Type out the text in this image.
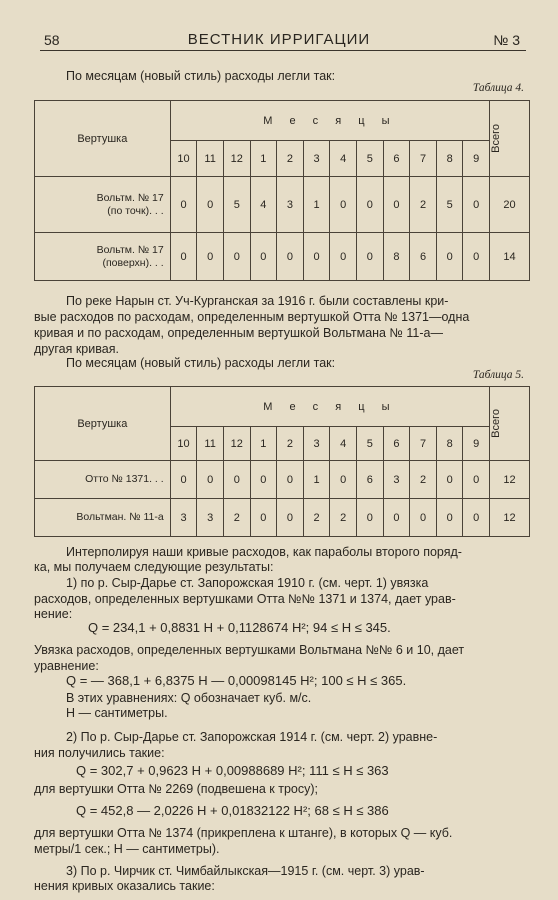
58	ВЕСТНИК ИРРИГАЦИИ	№ 3
По месяцам (новый стиль) расходы легли так:
Таблица 4.
Вертушка	М е с я ц ы												Всего

	10	11	12	1	2	3	4	5	6	7	8	9	
Вольтм. № 17
(по точк). . .	0	0	5	4	3	1	0	0	0	2	5	0	20
Вольтм. № 17
(поверхн). . .	0	0	0	0	0	0	0	0	8	6	0	0	14
По реке Нарын ст. Уч-Курганская за 1916 г. были составлены кри-
вые расходов по расходам, определенным вертушкой Отта № 1371—одна
кривая и по расходам, определенным вертушкой Вольтмана № 11-а—
другая кривая.
По месяцам (новый стиль) расходы легли так:
Таблица 5.
Вертушка	М е с я ц ы												Всего

	10	11	12	1	2	3	4	5	6	7	8	9	
Отто № 1371. . .	0	0	0	0	0	1	0	6	3	2	0	0	12
Вольтман. № 11-а	3	3	2	0	0	2	2	0	0	0	0	0	12
Интерполируя наши кривые расходов, как параболы второго поряд-
ка, мы получаем следующие результаты:
1) по р. Сыр-Дарье ст. Запорожская 1910 г. (см. черт. 1) увязка
расходов, определенных вертушками Отта №№ 1371 и 1374, дает урав-
нение:
Q = 234,1 + 0,8831 H + 0,1128674 H²; 94 ≤ H ≤ 345.
Увязка расходов, определенных вертушками Вольтмана №№ 6 и 10, дает
уравнение:
Q = — 368,1 + 6,8375 H — 0,00098145 H²; 100 ≤ H ≤ 365.
В этих уравнениях: Q обозначает куб. м/с.
H — сантиметры.
2) По р. Сыр-Дарье ст. Запорожская 1914 г. (см. черт. 2) уравне-
ния получились такие:
Q = 302,7 + 0,9623 H + 0,00988689 H²; 111 ≤ H ≤ 363
для вертушки Отта № 2269 (подвешена к тросу);
Q = 452,8 — 2,0226 H + 0,01832122 H²; 68 ≤ H ≤ 386
для вертушки Отта № 1374 (прикреплена к штанге), в которых Q — куб.
метры/1 сек.; H — сантиметры).
3) По р. Чирчик ст. Чимбайлыкская—1915 г. (см. черт. 3) урав-
нения кривых оказались такие:
